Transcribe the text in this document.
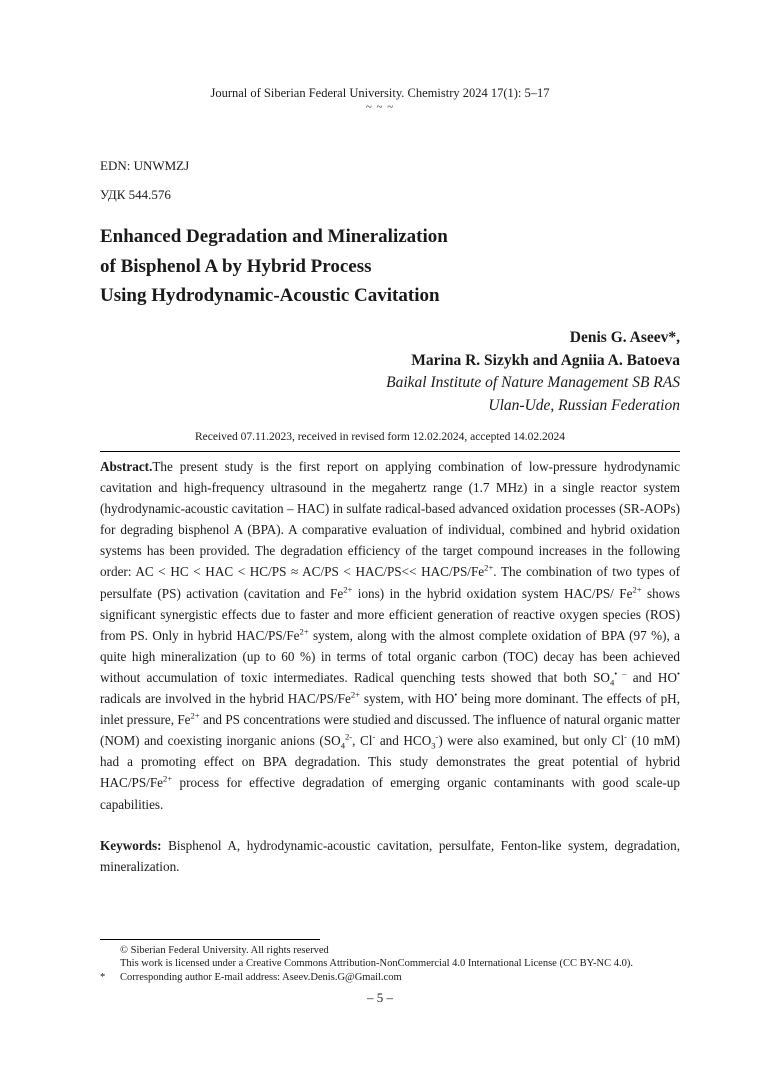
Journal of Siberian Federal University. Chemistry 2024 17(1): 5–17
~ ~ ~
EDN: UNWMZJ
УДК 544.576
Enhanced Degradation and Mineralization
of Bisphenol A by Hybrid Process
Using Hydrodynamic-Acoustic Cavitation
Denis G. Aseev*,
Marina R. Sizykh and Agniia A. Batoeva
Baikal Institute of Nature Management SB RAS
Ulan-Ude, Russian Federation
Received 07.11.2023, received in revised form 12.02.2024, accepted 14.02.2024

Abstract.The present study is the first report on applying combination of low-pressure hydrodynamic cavitation and high-frequency ultrasound in the megahertz range (1.7 MHz) in a single reactor system (hydrodynamic-acoustic cavitation – HAC) in sulfate radical-based advanced oxidation processes (SR-AOPs) for degrading bisphenol A (BPA). A comparative evaluation of individual, combined and hybrid oxidation systems has been provided. The degradation efficiency of the target compound increases in the following order: AC < HC < HAC < HC/PS ≈ AC/PS < HAC/PS<< HAC/$PS/Fe^{2+}$. The combination of two types of persulfate (PS) activation (cavitation and $Fe^{2+}$ ions) in the hybrid oxidation system HAC/PS/ $Fe^{2+}$ shows significant synergistic effects due to faster and more efficient generation of reactive oxygen species (ROS) from PS. Only in hybrid HAC/$PS/Fe^{2+}$ system, along with the almost complete oxidation of BPA (97 %), a quite high mineralization (up to 60 %) in terms of total organic carbon (TOC) decay has been achieved without accumulation of toxic intermediates. Radical quenching tests showed that both $SO_4^{• -}$ and HO• radicals are involved in the hybrid HAC/$PS/Fe^{2+}$ system, with HO• being more dominant. The effects of pH, inlet pressure, $Fe^{2+}$ and PS concentrations were studied and discussed. The influence of natural organic matter (NOM) and coexisting inorganic anions ($SO_4^{2-}$, Cl- and $HCO_3^-$) were also examined, but only Cl- (10 mM) had a promoting effect on BPA degradation. This study demonstrates the great potential of hybrid HAC/$PS/Fe^{2+}$ process for effective degradation of emerging organic contaminants with good scale-up capabilities.

Keywords: Bisphenol A, hydrodynamic-acoustic cavitation, persulfate, Fenton-like system, degradation, mineralization.

© Siberian Federal University. All rights reserved
This work is licensed under a Creative Commons Attribution-NonCommercial 4.0 International License (CC BY-NC 4.0).
* Corresponding author E-mail address: Aseev.Denis.G@Gmail.com
– 5 –
